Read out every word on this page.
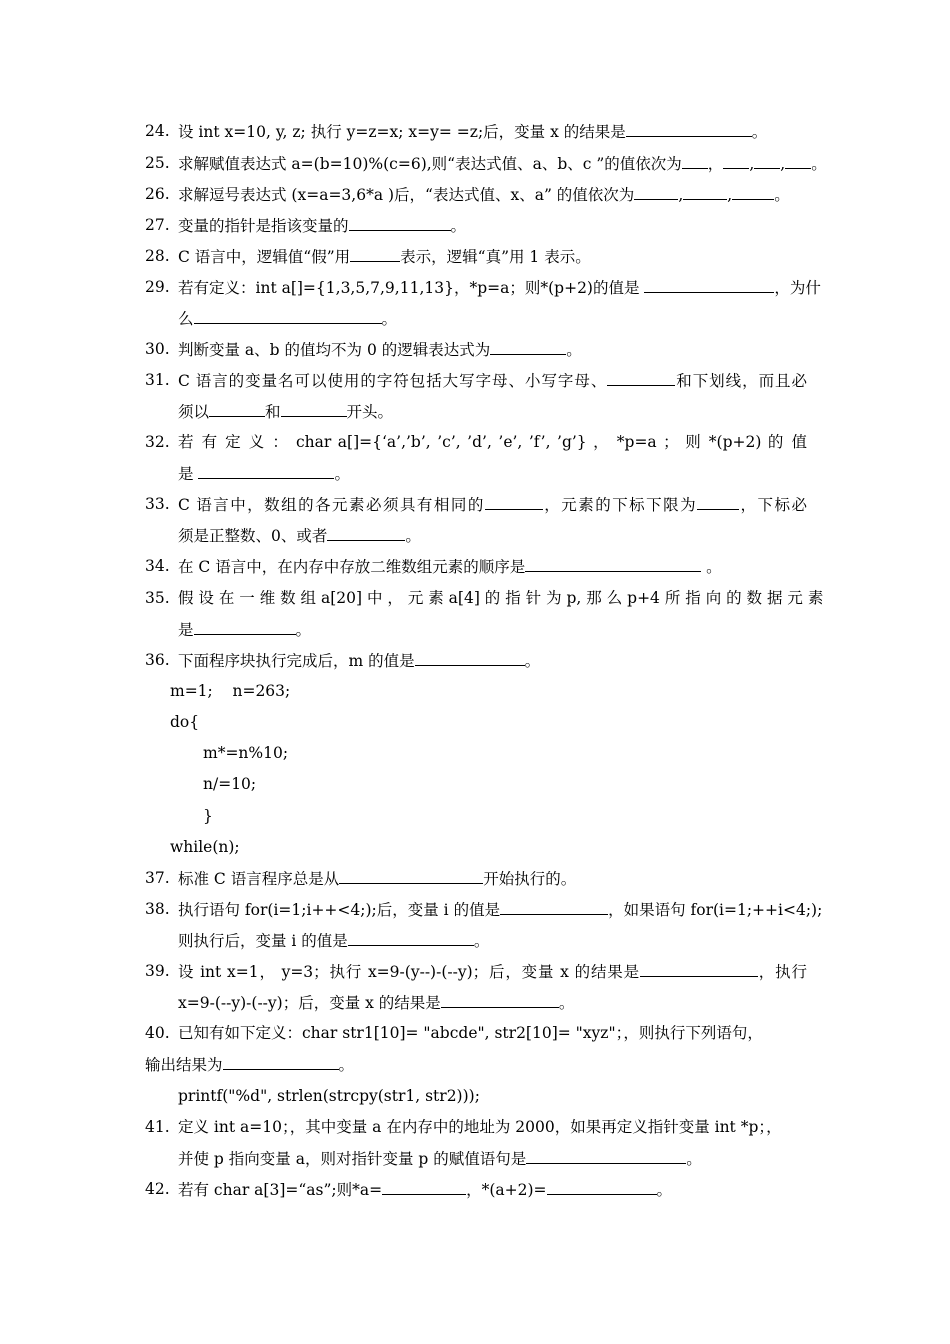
24. 设 int x=10, y, z; 执行 y=z=x; x=y= =z;后，变量 x 的结果是	。
25. 求解赋值表达式 a=(b=10)%(c=6),则“表达式值、a、b、c ”的值依次为 ， , , 。
26. 求解逗号表达式 (x=a=3,6*a )后，“表达式值、x、a” 的值依次为	,	,	。
27. 变量的指针是指该变量的	。
28. C 语言中，逻辑值“假”用	表示，逻辑“真”用 1 表示。
29. 若有定义：int a[]={1,3,5,7,9,11,13}，*p=a；则*(p+2)的值是	，为什
么	。
30. 判断变量 a、b 的值均不为 0 的逻辑表达式为	。
31. C 语言的变量名可以使用的字符包括大写字母、小写字母、	和下划线，而且必
须以	和	开头。
32. 若 有 定 义 ： char a[]={‘a’,’b’, ’c’, ’d’, ’e’, ’f’, ’g’} ， *p=a ； 则 *(p+2) 的 值
是	。
33. C 语言中，数组的各元素必须具有相同的	，元素的下标下限为	，下标必
须是正整数、0、或者	。
34. 在 C 语言中，在内存中存放二维数组元素的顺序是	。
35. 假 设 在 一 维 数 组 a[20] 中 ， 元 素 a[4] 的 指 针 为 p, 那 么 p+4 所 指 向 的 数 据 元 素
是	。
36. 下面程序块执行完成后，m 的值是	。
37. 标准 C 语言程序总是从	开始执行的。
38. 执行语句 for(i=1;i++<4;);后，变量 i 的值是	，如果语句 for(i=1;++i<4;);
则执行后，变量 i 的值是	。
39. 设 int x=1， y=3；执行 x=9-(y--)-(--y)；后，变量 x 的结果是	，执行
x=9-(--y)-(--y)；后，变量 x 的结果是	。
40. 已知有如下定义：char str1[10]= "abcde", str2[10]= "xyz"；，则执行下列语句，
41. 定义 int a=10；，其中变量 a 在内存中的地址为 2000，如果再定义指针变量 int *p；，
并使 p 指向变量 a，则对指针变量 p 的赋值语句是	。
42. 若有 char a[3]=“as”;则*a=	，*(a+2)=	。
m=1;    n=263;
do{
m*=n%10;
n/=10;
}
while(n);
printf("%d", strlen(strcpy(str1, str2)));
输出结果为	。
